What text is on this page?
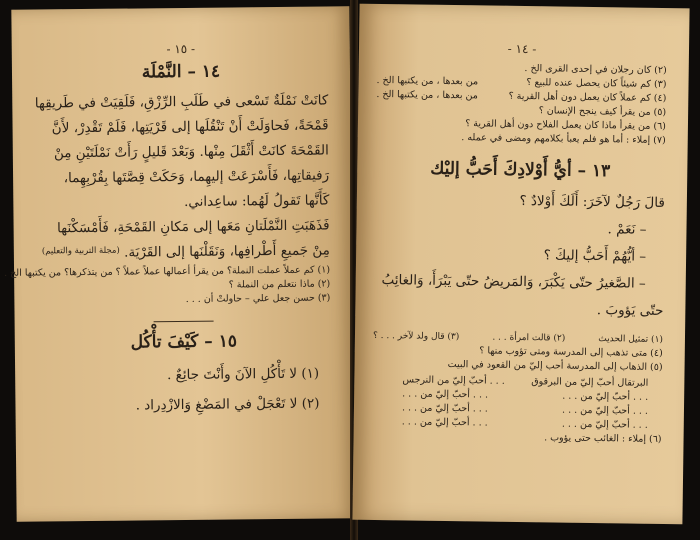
- ١٥ -
١٤ – النَّمْلَة
كانَتْ نَمْلَةٌ تَسْعى في طَلَبِ الرِّزْقِ، فَلَقِيَتْ في طَريقِها
قَمْحَةً، فَحاوَلَتْ أَنْ تَنْقُلَها إلى قَرْيَتِها، فَلَمْ تَقْدِرْ، لأَنَّ
القَمْحَةَ كانَتْ أَثْقَلَ مِنْها. وَبَعْدَ قَليلٍ رَأَتْ نَمْلَتَيْنِ مِنْ
رَفيقاتِها، فَأَسْرَعَتْ إليهِما، وَحَكَتْ قِصَّتَها بِقُرْبِهِما،
كَأَنَّها تَقولُ لَهُما: ساعِداني.
فَذَهَبَتِ النَّمْلَتانِ مَعَها إلى مَكانِ القَمْحَةِ، فَأَمْسَكْنَها
مِنْ جَميعِ أَطْرافِها، وَنَقَلْنَها إلى القَرْيَة.
(مجلة التربية والتعليم)
(١) كم عملاً عملت النملة؟ من يقرأ أعمالها عملاً عملاً ؟ من يتذكرها؟ من يكتبها الخ .
(٢) ماذا نتعلم من النملة ؟
(٣) حسن جعل علي – حاولتْ أن . . .
١٥ – كَيْفَ تأْكُل
(١) لا تَأْكُلِ الآنَ وأَنْتَ جائِعٌ .
(٢) لا تَعْجَلْ في المَضْغِ وَالازْدِراد .
- ١٤ -
(٢) كان رجلان في إحدى القرى الخ .
(٣) كم شيئاً كان يحصل عنده للبيع ؟
من بعدها ، من يكتبها الخ .
(٤) كم عملاً كان يعمل دون أهل القرية ؟
من بعدها ، من يكتبها الخ .
(٥) من يقرأ كيف ينجح الإنسان ؟
(٦) من يقرأ ماذا كان يعمل الفلاح دون أهل القرية ؟
(٧) إملاء : أما هو فلم يعبأ بكلامهم ومضى في عمله .
١٣ – أيُّ أَوْلادِكَ أَحَبُّ إليْك
قالَ رَجُلٌ لآخَرَ: أَلَكَ أَوْلادٌ ؟
– نَعَمْ .
– أيُّهُمْ أَحَبُّ إليكَ ؟
– الصَّغيرُ حتّى يَكْبَرَ، وَالمَريضُ حتّى يَبْرَأَ، وَالغائِبُ
حتّى يَؤوبَ .
(١) تمثيل الحديث
(٢) قالت امرأة . . .
(٣) قال ولد لآخر . . . ؟
(٤) متى تذهب إلى المدرسة ومتى تؤوب منها ؟
(٥) الذهاب إلى المدرسة أحب إليّ من القعود في البيت
البرتقال أحبّ إليّ من البرقوق
. . . أحبّ إليّ من النرجس
. . . أحبّ إليّ من . . .
. . . أحبّ إليّ من . . .
. . . أحبّ إليّ من . . .
. . . أحبّ إليّ من . . .
. . . أحبّ إليّ من . . .
. . . أحبّ إليّ من . . .
(٦) إملاء : الغائب حتى يؤوب .
